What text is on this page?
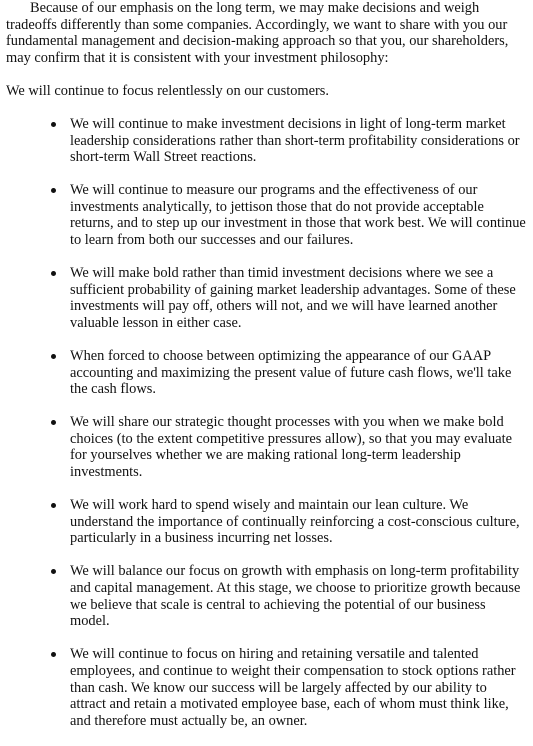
Because of our emphasis on the long term, we may make decisions and weigh tradeoffs differently than some companies. Accordingly, we want to share with you our fundamental management and decision-making approach so that you, our shareholders, may confirm that it is consistent with your investment philosophy:

We will continue to focus relentlessly on our customers.

We will continue to make investment decisions in light of long-term market leadership considerations rather than short-term profitability considerations or short-term Wall Street reactions.
We will continue to measure our programs and the effectiveness of our investments analytically, to jettison those that do not provide acceptable returns, and to step up our investment in those that work best. We will continue to learn from both our successes and our failures.
We will make bold rather than timid investment decisions where we see a sufficient probability of gaining market leadership advantages. Some of these investments will pay off, others will not, and we will have learned another valuable lesson in either case.
When forced to choose between optimizing the appearance of our GAAP accounting and maximizing the present value of future cash flows, we'll take the cash flows.
We will share our strategic thought processes with you when we make bold choices (to the extent competitive pressures allow), so that you may evaluate for yourselves whether we are making rational long-term leadership investments.
We will work hard to spend wisely and maintain our lean culture. We understand the importance of continually reinforcing a cost-conscious culture, particularly in a business incurring net losses.
We will balance our focus on growth with emphasis on long-term profitability and capital management. At this stage, we choose to prioritize growth because we believe that scale is central to achieving the potential of our business model.
We will continue to focus on hiring and retaining versatile and talented employees, and continue to weight their compensation to stock options rather than cash. We know our success will be largely affected by our ability to attract and retain a motivated employee base, each of whom must think like, and therefore must actually be, an owner.
